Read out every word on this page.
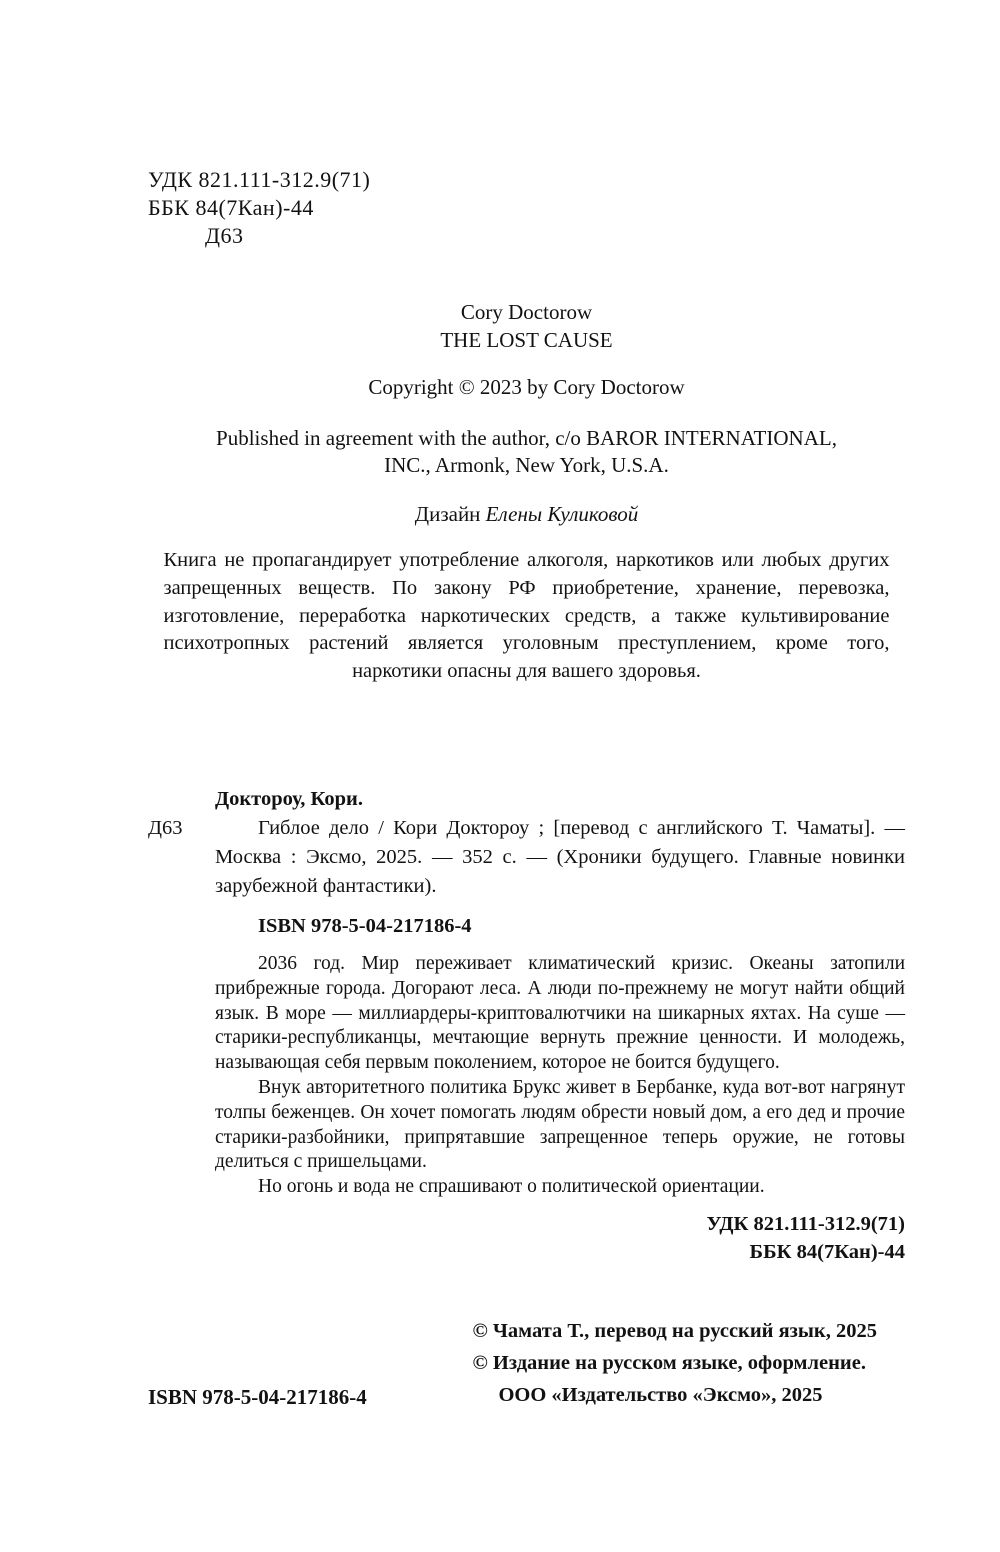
УДК 821.111-312.9(71)
ББК 84(7Кан)-44
Д63
Cory Doctorow
THE LOST CAUSE
Copyright © 2023 by Cory Doctorow
Published in agreement with the author, c/o BAROR INTERNATIONAL,
INC., Armonk, New York, U.S.A.
Дизайн Елены Куликовой

Книга не пропагандирует употребление алкоголя, наркотиков или любых других запрещенных веществ. По закону РФ приобретение, хранение, перевозка, изготовление, переработка наркотических средств, а также культивирование психотропных растений является уголовным преступлением, кроме того, наркотики опасны для вашего здоровья.

Доктороу, Кори.
Д63	Гиблое дело / Кори Доктороу ; [перевод с английского Т. Чаматы]. — Москва : Эксмо, 2025. — 352 с. — (Хроники будущего. Главные новинки зарубежной фантастики).

ISBN 978-5-04-217186-4

2036 год. Мир переживает климатический кризис. Океаны затопили прибрежные города. Догорают леса. А люди по-прежнему не могут найти общий язык. В море — миллиардеры-криптовалютчики на шикарных яхтах. На суше — старики-республиканцы, мечтающие вернуть прежние ценности. И молодежь, называющая себя первым поколением, которое не боится будущего.

Внук авторитетного политика Брукс живет в Бербанке, куда вот-вот нагрянут толпы беженцев. Он хочет помогать людям обрести новый дом, а его дед и прочие старики-разбойники, припрятавшие запрещенное теперь оружие, не готовы делиться с пришельцами.

Но огонь и вода не спрашивают о политической ориентации.

УДК 821.111-312.9(71)
ББК 84(7Кан)-44
ISBN 978-5-04-217186-4
© Чамата Т., перевод на русский язык, 2025
© Издание на русском языке, оформление.
ООО «Издательство «Эксмо», 2025
